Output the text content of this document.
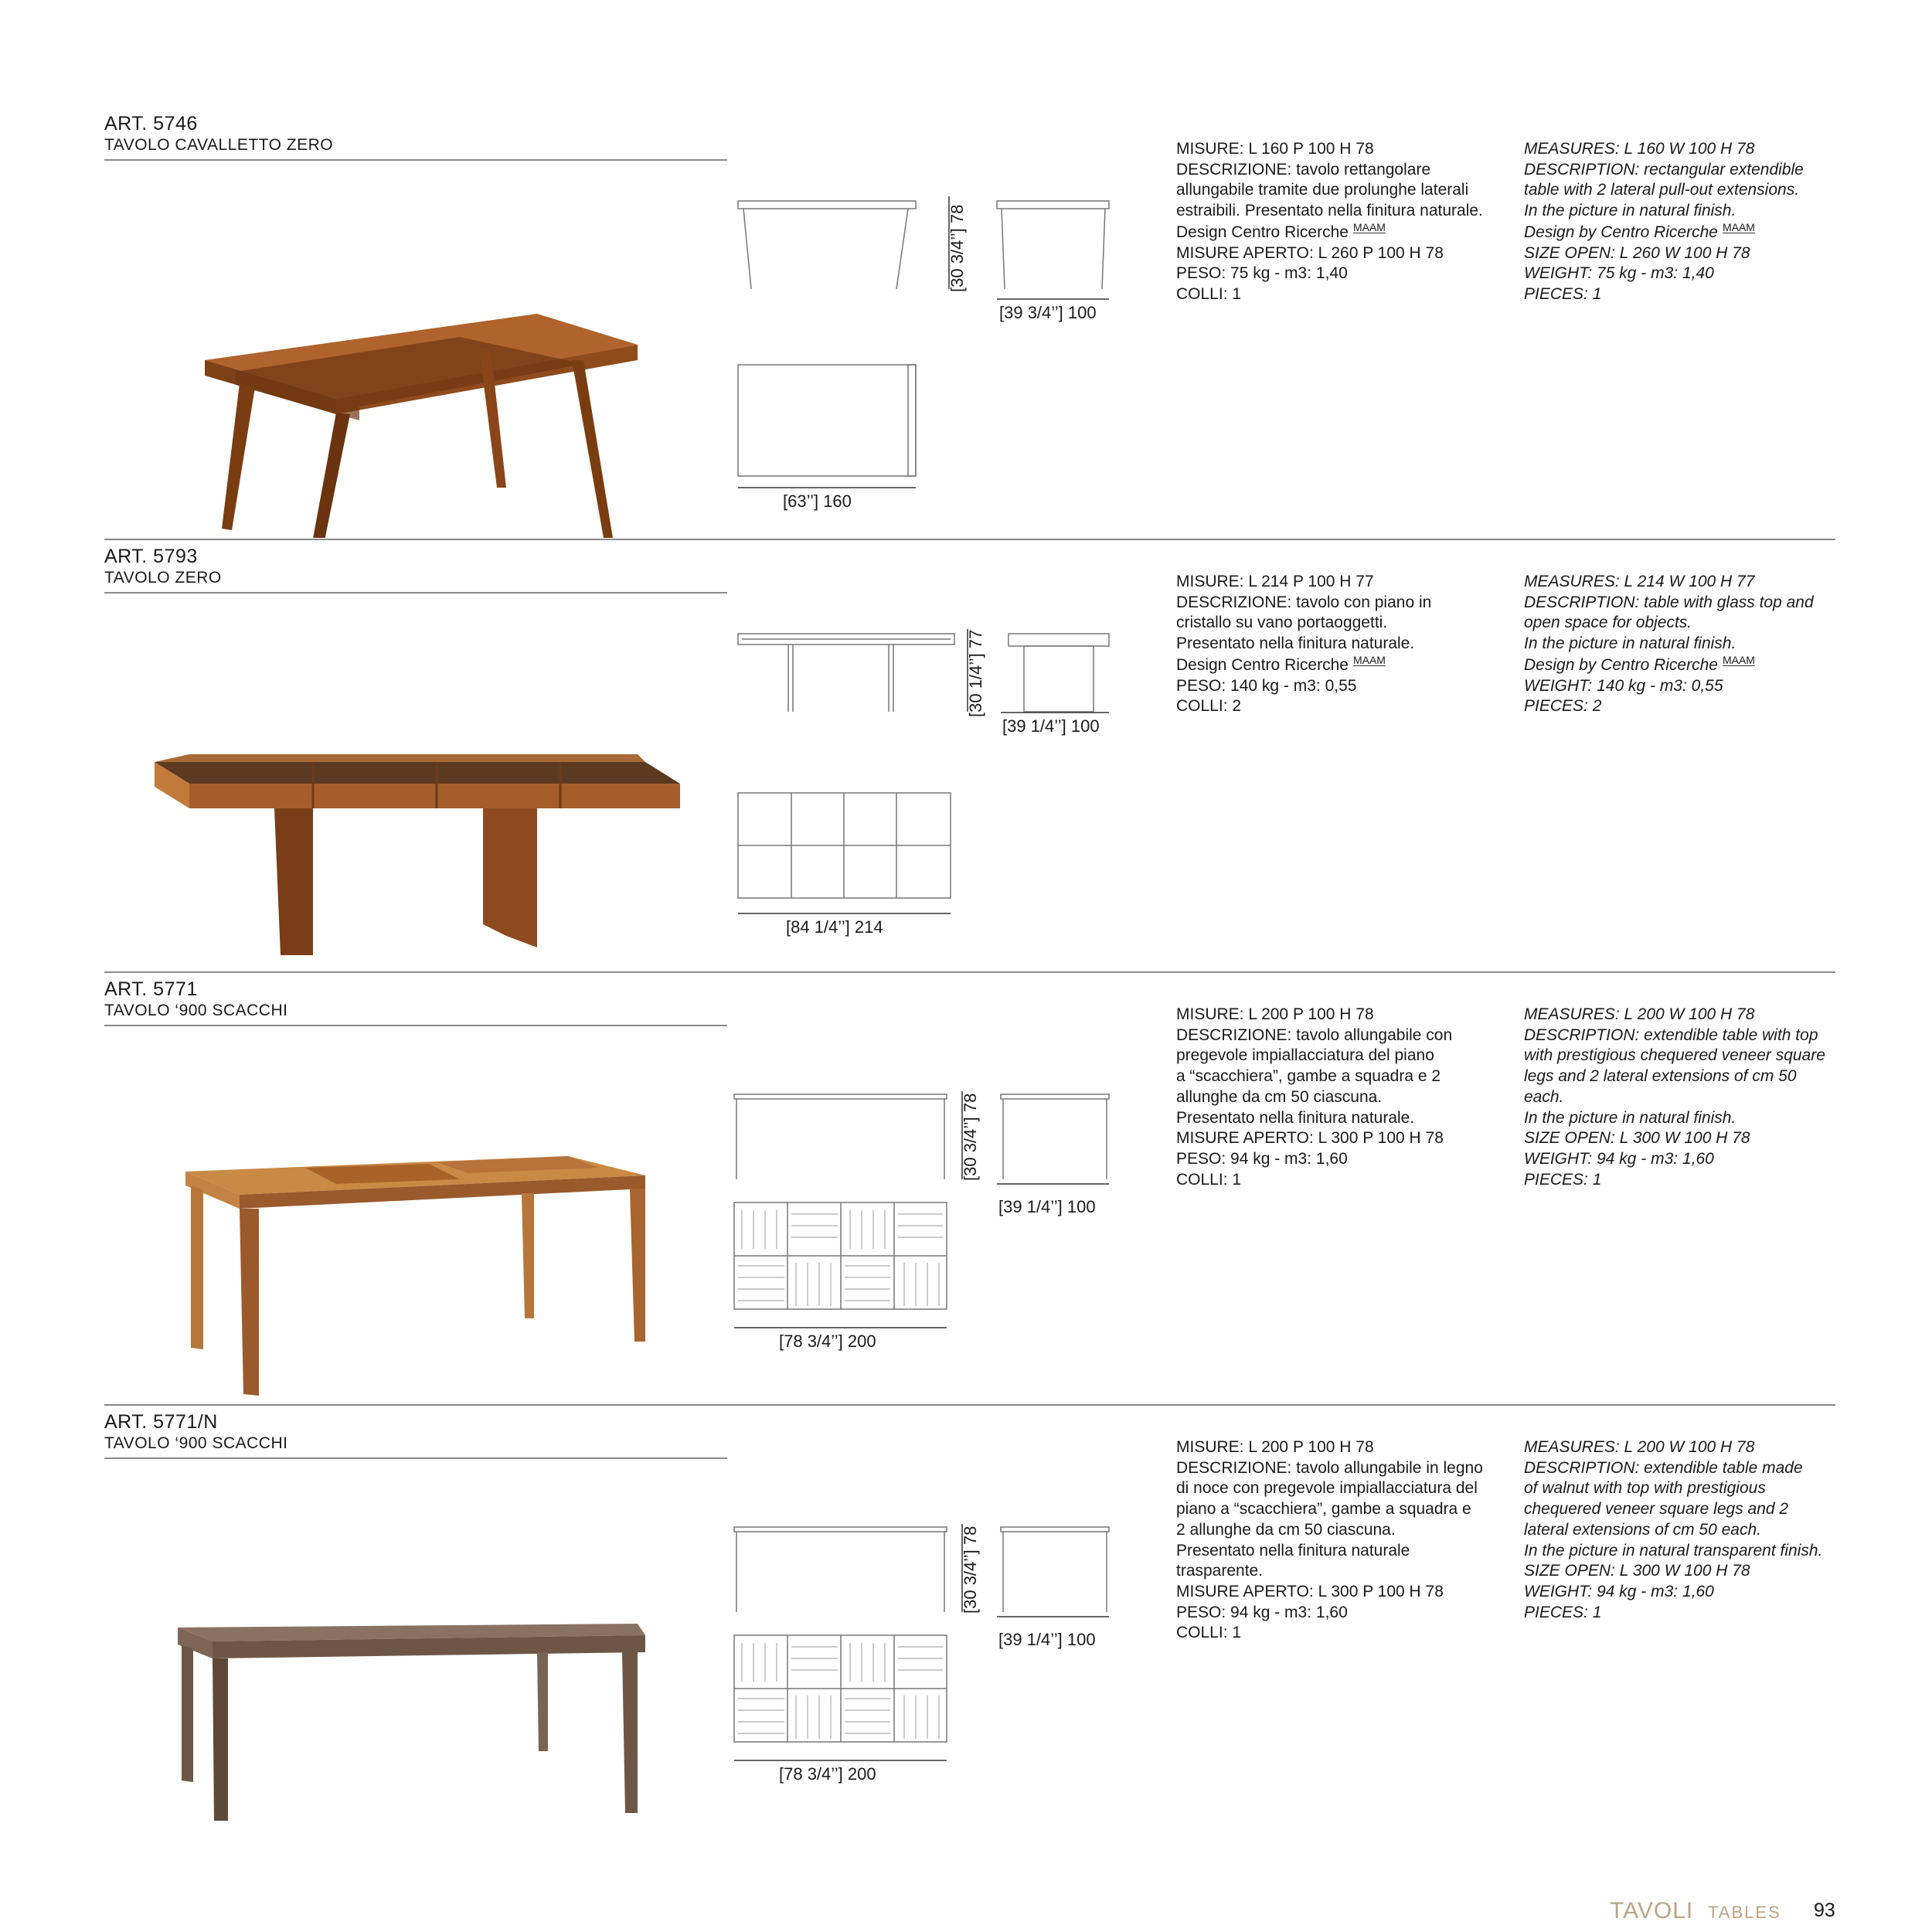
ART. 5746
TAVOLO CAVALLETTO ZERO
[63’’] 160
[39 3/4’’] 100
[30 3/4’’] 78
MISURE: L 160 P 100 H 78
DESCRIZIONE: tavolo rettangolare
allungabile tramite due prolunghe laterali
estraibili. Presentato nella finitura naturale.
Design Centro Ricerche MAAM
MISURE APERTO: L 260 P 100 H 78
PESO: 75 kg - m3: 1,40
COLLI: 1
MEASURES: L 160 W 100 H 78
DESCRIPTION: rectangular extendible
table with 2 lateral pull-out extensions.
In the picture in natural finish.
Design by Centro Ricerche MAAM
SIZE OPEN: L 260 W 100 H 78
WEIGHT: 75 kg - m3: 1,40
PIECES: 1
ART. 5793
TAVOLO ZERO
[84 1/4’’] 214
[39 1/4’’] 100
[30 1/4’’] 77
MISURE: L 214 P 100 H 77
DESCRIZIONE: tavolo con piano in
cristallo su vano portaoggetti.
Presentato nella finitura naturale.
Design Centro Ricerche MAAM
PESO: 140 kg - m3: 0,55
COLLI: 2
MEASURES: L 214 W 100 H 77
DESCRIPTION: table with glass top and
open space for objects.
In the picture in natural finish.
Design by Centro Ricerche MAAM
WEIGHT: 140 kg - m3: 0,55
PIECES: 2
ART. 5771
TAVOLO ‘900 SCACCHI
[78 3/4’’] 200
[39 1/4’’] 100
[30 3/4’’] 78
MISURE: L 200 P 100 H 78
DESCRIZIONE: tavolo allungabile con
pregevole impiallacciatura del piano
a “scacchiera”, gambe a squadra e 2
allunghe da cm 50 ciascuna.
Presentato nella finitura naturale.
MISURE APERTO: L 300 P 100 H 78
PESO: 94 kg - m3: 1,60
COLLI: 1
MEASURES: L 200 W 100 H 78
DESCRIPTION: extendible table with top
with prestigious chequered veneer square
legs and 2 lateral extensions of cm 50
each.
In the picture in natural finish.
SIZE OPEN: L 300 W 100 H 78
WEIGHT: 94 kg - m3: 1,60
PIECES: 1
ART. 5771/N
TAVOLO ‘900 SCACCHI
[78 3/4’’] 200
[39 1/4’’] 100
[30 3/4’’] 78
MISURE: L 200 P 100 H 78
DESCRIZIONE: tavolo allungabile in legno
di noce con pregevole impiallacciatura del
piano a “scacchiera”, gambe a squadra e
2 allunghe da cm 50 ciascuna.
Presentato nella finitura naturale
trasparente.
MISURE APERTO: L 300 P 100 H 78
PESO: 94 kg - m3: 1,60
COLLI: 1
MEASURES: L 200 W 100 H 78
DESCRIPTION: extendible table made
of walnut with top with prestigious
chequered veneer square legs and 2
lateral extensions of cm 50 each.
In the picture in natural transparent finish.
SIZE OPEN: L 300 W 100 H 78
WEIGHT: 94 kg - m3: 1,60
PIECES: 1
TAVOLI TABLES 93
